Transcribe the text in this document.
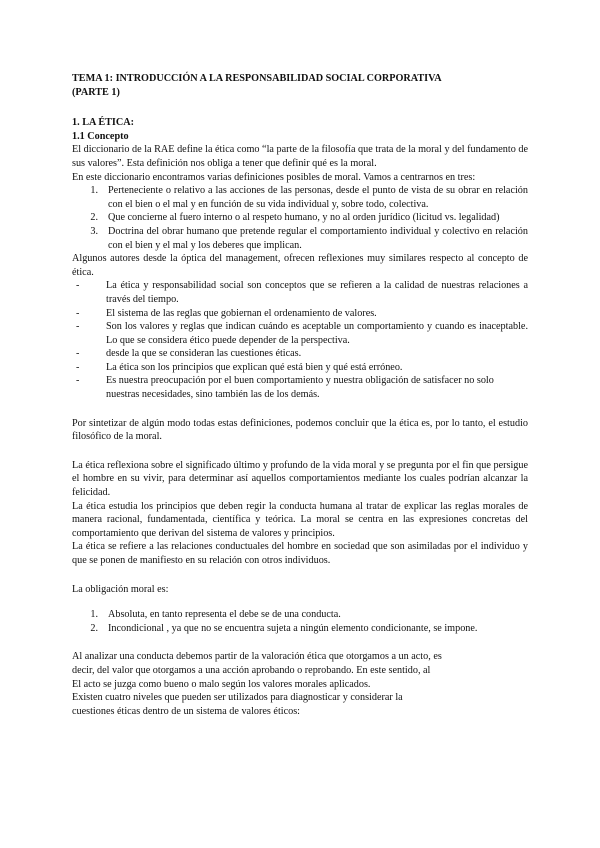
TEMA 1: INTRODUCCIÓN A LA RESPONSABILIDAD SOCIAL CORPORATIVA

(PARTE 1)

1. LA ÉTICA:
1.1 Concepto

El diccionario de la RAE define la ética como “la parte de la filosofía que trata de la moral y del fundamento de sus valores”. Esta definición nos obliga a tener que definir qué es la moral.

En este diccionario encontramos varias definiciones posibles de moral. Vamos a centrarnos en tres:

1. Perteneciente o relativo a las acciones de las personas, desde el punto de vista de su obrar en relación con el bien o el mal y en función de su vida individual y, sobre todo, colectiva.
2. Que concierne al fuero interno o al respeto humano, y no al orden jurídico (licitud vs. legalidad)
3. Doctrina del obrar humano que pretende regular el comportamiento individual y colectivo en relación con el bien y el mal y los deberes que implican.

Algunos autores desde la óptica del management, ofrecen reflexiones muy similares respecto al concepto de ética.

-	La ética y responsabilidad social son conceptos que se refieren a la calidad de nuestras relaciones a través del tiempo.
-	El sistema de las reglas que gobiernan el ordenamiento de valores.
-	Son los valores y reglas que indican cuándo es aceptable un comportamiento y cuando es inaceptable. Lo que se considera ético puede depender de la perspectiva.
-	desde la que se consideran las cuestiones éticas.
-	La ética son los principios que explican qué está bien y qué está erróneo.
-	Es nuestra preocupación por el buen comportamiento y nuestra obligación de satisfacer no solo nuestras necesidades, sino también las de los demás.

Por sintetizar de algún modo todas estas definiciones, podemos concluir que la ética es, por lo tanto, el estudio filosófico de la moral.

La ética reflexiona sobre el significado último y profundo de la vida moral y se pregunta por el fin que persigue el hombre en su vivir, para determinar así aquellos comportamientos mediante los cuales podrían alcanzar la felicidad.

La ética estudia los principios que deben regir la conducta humana al tratar de explicar las reglas morales de manera racional, fundamentada, científica y teórica. La moral se centra en las expresiones concretas del comportamiento que derivan del sistema de valores y principios.

La ética se refiere a las relaciones conductuales del hombre en sociedad que son asimiladas por el individuo y que se ponen de manifiesto en su relación con otros individuos.

La obligación moral es:

1. Absoluta, en tanto representa el debe se de una conducta.
2. Incondicional , ya que no se encuentra sujeta a ningún elemento condicionante, se impone.
Al analizar una conducta debemos partir de la valoración ética que otorgamos a un acto, es
decir, del valor que otorgamos a una acción aprobando o reprobando. En este sentido, al
El acto se juzga como bueno o malo según los valores morales aplicados.
Existen cuatro niveles que pueden ser utilizados para diagnosticar y considerar la
cuestiones éticas dentro de un sistema de valores éticos:
